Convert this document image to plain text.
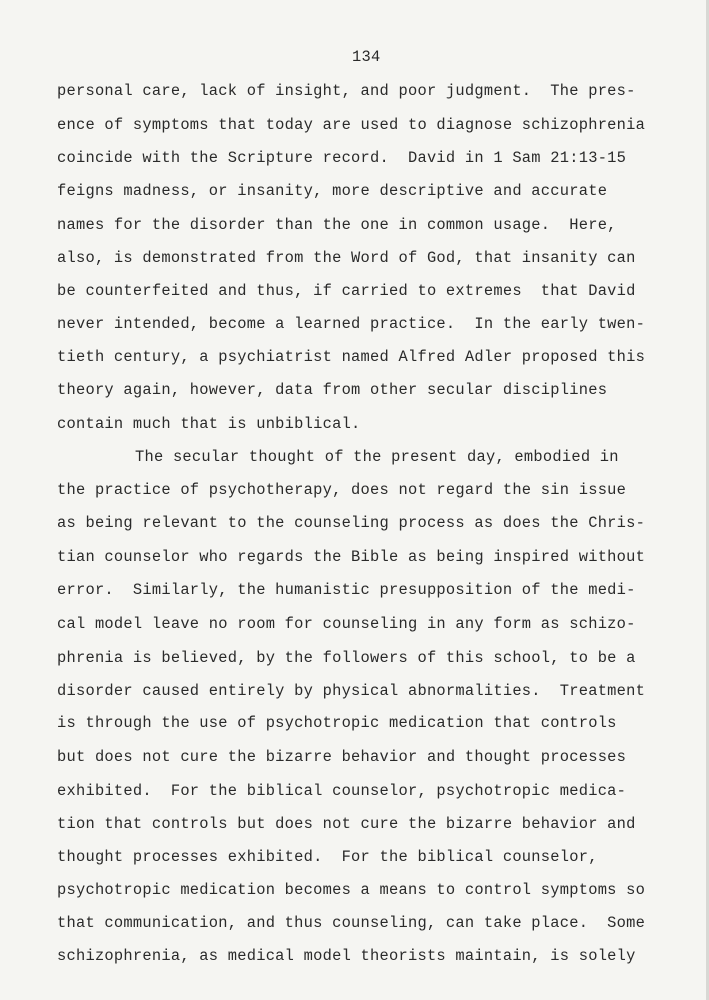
134
personal care, lack of insight, and poor judgment.  The pres-
ence of symptoms that today are used to diagnose schizophrenia
coincide with the Scripture record.  David in 1 Sam 21:13-15
feigns madness, or insanity, more descriptive and accurate
names for the disorder than the one in common usage.  Here,
also, is demonstrated from the Word of God, that insanity can
be counterfeited and thus, if carried to extremes  that David
never intended, become a learned practice.  In the early twen-
tieth century, a psychiatrist named Alfred Adler proposed this
theory again, however, data from other secular disciplines
contain much that is unbiblical.
The secular thought of the present day, embodied in
the practice of psychotherapy, does not regard the sin issue
as being relevant to the counseling process as does the Chris-
tian counselor who regards the Bible as being inspired without
error.  Similarly, the humanistic presupposition of the medi-
cal model leave no room for counseling in any form as schizo-
phrenia is believed, by the followers of this school, to be a
disorder caused entirely by physical abnormalities.  Treatment
is through the use of psychotropic medication that controls
but does not cure the bizarre behavior and thought processes
exhibited.  For the biblical counselor, psychotropic medica-
tion that controls but does not cure the bizarre behavior and
thought processes exhibited.  For the biblical counselor,
psychotropic medication becomes a means to control symptoms so
that communication, and thus counseling, can take place.  Some
schizophrenia, as medical model theorists maintain, is solely
